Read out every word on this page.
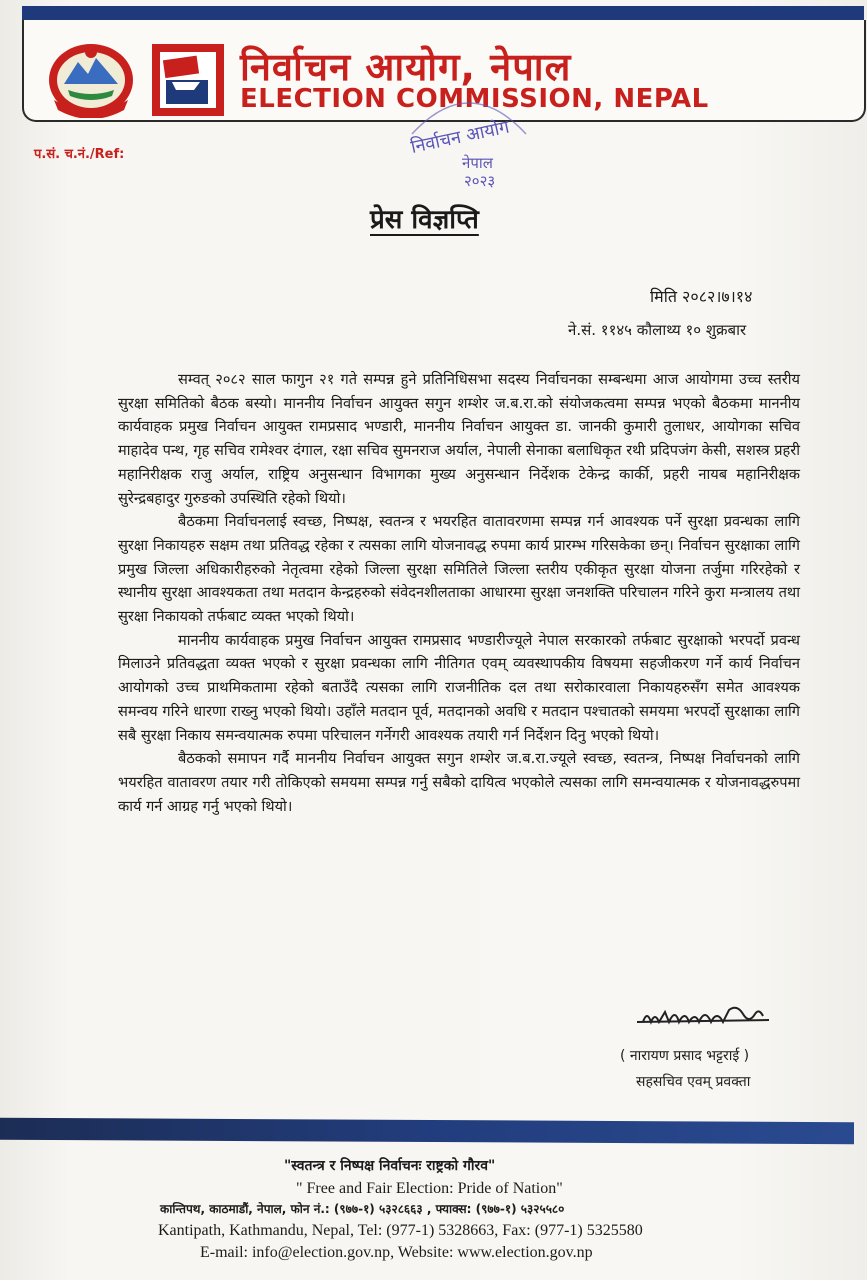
निर्वाचन आयोग, नेपाल
ELECTION COMMISSION, NEPAL
निर्वाचन आयोग
नेपाल
२०२३
प.सं. च.नं./Ref:
प्रेस विज्ञप्ति
मिति २०८२।७।१४
ने.सं. ११४५ कौलाथ्य १० शुक्रबार

सम्वत् २०८२ साल फागुन २१ गते सम्पन्न हुने प्रतिनिधिसभा सदस्य निर्वाचनका सम्बन्धमा आज आयोगमा उच्च स्तरीय सुरक्षा समितिको बैठक बस्यो। माननीय निर्वाचन आयुक्त सगुन शम्शेर ज.ब.रा.को संयोजकत्वमा सम्पन्न भएको बैठकमा माननीय कार्यवाहक प्रमुख निर्वाचन आयुक्त रामप्रसाद भण्डारी, माननीय निर्वाचन आयुक्त डा. जानकी कुमारी तुलाधर, आयोगका सचिव माहादेव पन्थ, गृह सचिव रामेश्वर दंगाल, रक्षा सचिव सुमनराज अर्याल, नेपाली सेनाका बलाधिकृत रथी प्रदिपजंग केसी, सशस्त्र प्रहरी महानिरीक्षक राजु अर्याल, राष्ट्रिय अनुसन्धान विभागका मुख्य अनुसन्धान निर्देशक टेकेन्द्र कार्की, प्रहरी नायब महानिरीक्षक सुरेन्द्रबहादुर गुरुङको उपस्थिति रहेको थियो।

बैठकमा निर्वाचनलाई स्वच्छ, निष्पक्ष, स्वतन्त्र र भयरहित वातावरणमा सम्पन्न गर्न आवश्यक पर्ने सुरक्षा प्रवन्धका लागि सुरक्षा निकायहरु सक्षम तथा प्रतिवद्ध रहेका र त्यसका लागि योजनावद्ध रुपमा कार्य प्रारम्भ गरिसकेका छन्। निर्वाचन सुरक्षाका लागि प्रमुख जिल्ला अधिकारीहरुको नेतृत्वमा रहेको जिल्ला सुरक्षा समितिले जिल्ला स्तरीय एकीकृत सुरक्षा योजना तर्जुमा गरिरहेको र स्थानीय सुरक्षा आवश्यकता तथा मतदान केन्द्रहरुको संवेदनशीलताका आधारमा सुरक्षा जनशक्ति परिचालन गरिने कुरा मन्त्रालय तथा सुरक्षा निकायको तर्फबाट व्यक्त भएको थियो।

माननीय कार्यवाहक प्रमुख निर्वाचन आयुक्त रामप्रसाद भण्डारीज्यूले नेपाल सरकारको तर्फबाट सुरक्षाको भरपर्दो प्रवन्ध मिलाउने प्रतिवद्धता व्यक्त भएको र सुरक्षा प्रवन्धका लागि नीतिगत एवम् व्यवस्थापकीय विषयमा सहजीकरण गर्ने कार्य निर्वाचन आयोगको उच्च प्राथमिकतामा रहेको बताउँदै त्यसका लागि राजनीतिक दल तथा सरोकारवाला निकायहरुसँग समेत आवश्यक समन्वय गरिने धारणा राख्नु भएको थियो। उहाँले मतदान पूर्व, मतदानको अवधि र मतदान पश्चातको समयमा भरपर्दो सुरक्षाका लागि सबै सुरक्षा निकाय समन्वयात्मक रुपमा परिचालन गर्नेगरी आवश्यक तयारी गर्न निर्देशन दिनु भएको थियो।

बैठकको समापन गर्दै माननीय निर्वाचन आयुक्त सगुन शम्शेर ज.ब.रा.ज्यूले स्वच्छ, स्वतन्त्र, निष्पक्ष निर्वाचनको लागि भयरहित वातावरण तयार गरी तोकिएको समयमा सम्पन्न गर्नु सबैको दायित्व भएकोले त्यसका लागि समन्वयात्मक र योजनावद्धरुपमा कार्य गर्न आग्रह गर्नु भएको थियो।

( नारायण प्रसाद भट्टराई )
सहसचिव एवम् प्रवक्ता
"स्वतन्त्र र निष्पक्ष निर्वाचनः राष्ट्रको गौरव"
" Free and Fair Election: Pride of Nation"
कान्तिपथ, काठमाडौं, नेपाल, फोन नं.: (९७७-१) ५३२८६६३ , फ्याक्स: (९७७-१) ५३२५५८०
Kantipath, Kathmandu, Nepal, Tel: (977-1) 5328663, Fax: (977-1) 5325580
E-mail: info@election.gov.np, Website: www.election.gov.np
